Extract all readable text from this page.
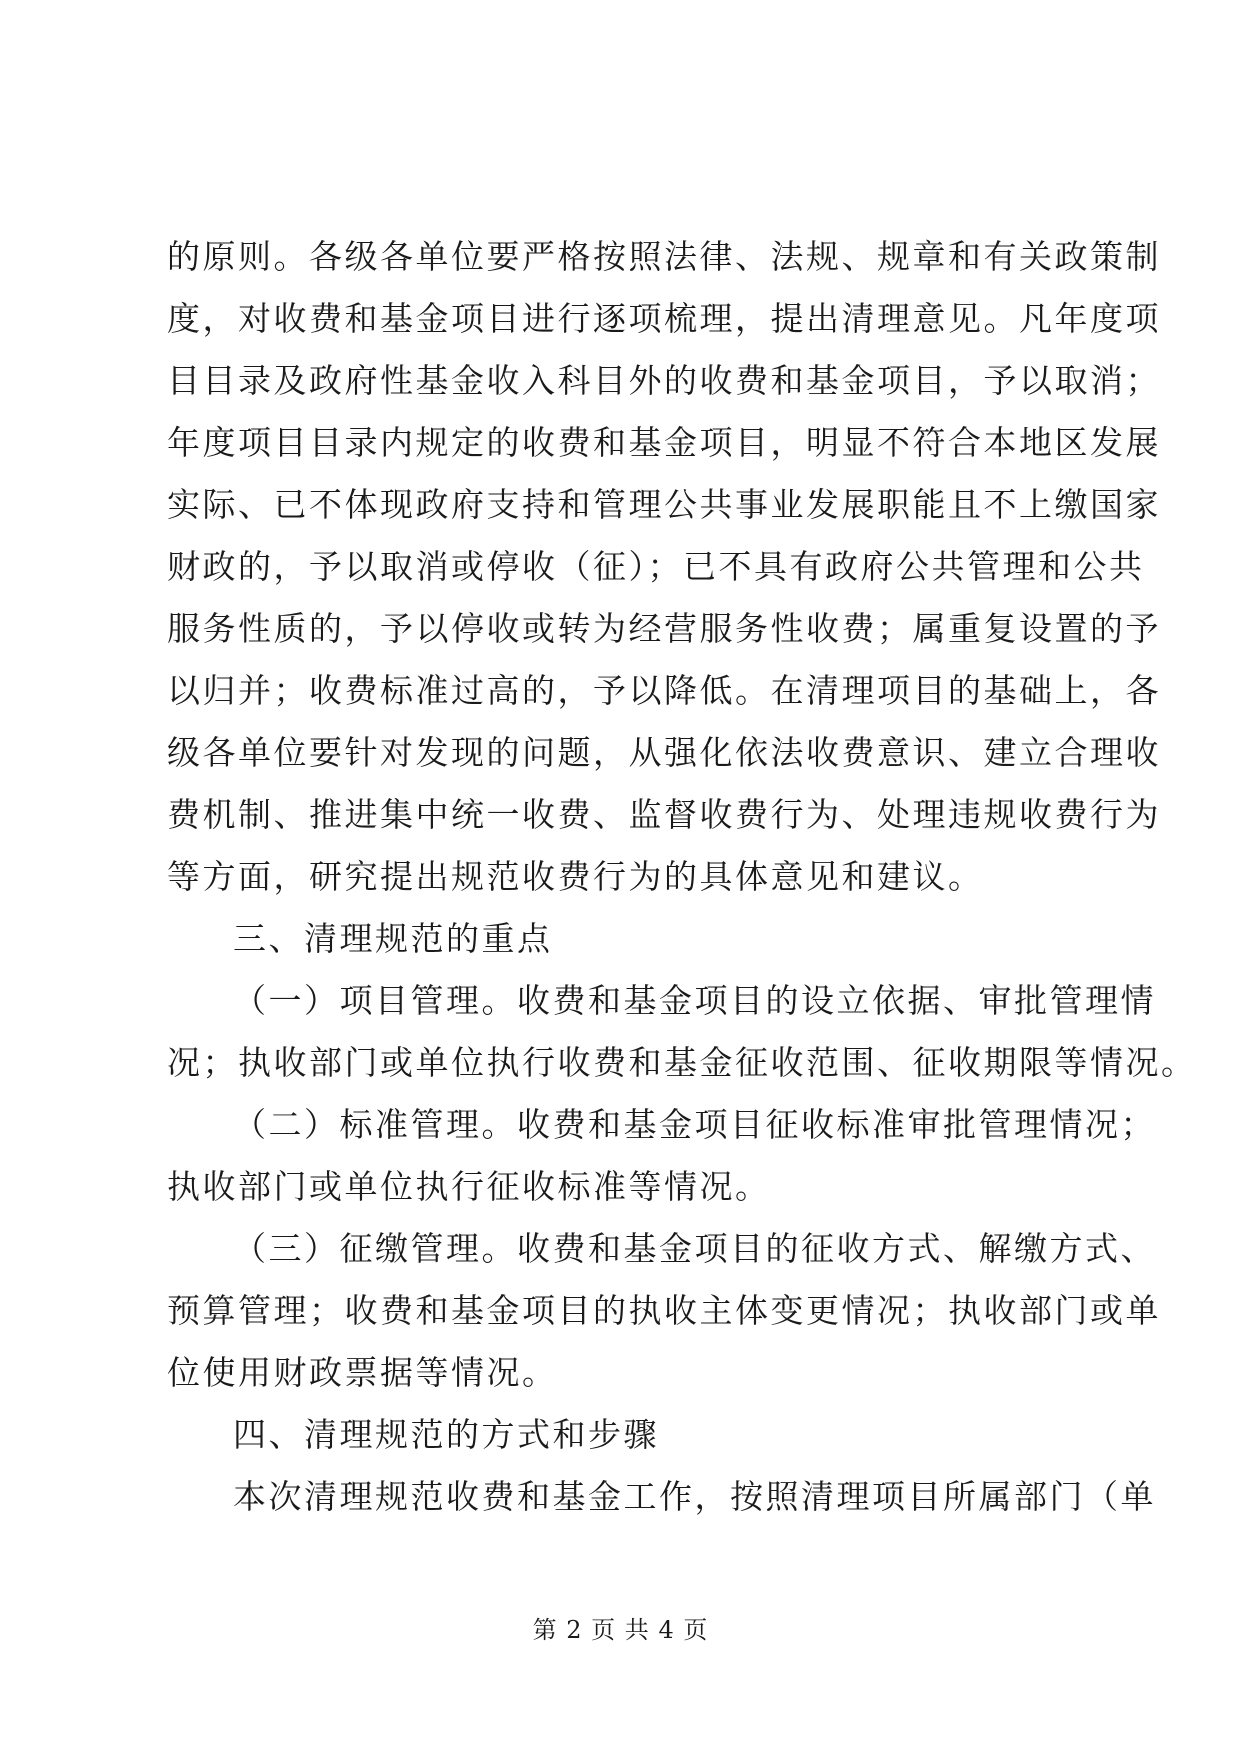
的原则。各级各单位要严格按照法律、法规、规章和有关政策制
度，对收费和基金项目进行逐项梳理，提出清理意见。凡年度项
目目录及政府性基金收入科目外的收费和基金项目，予以取消；
年度项目目录内规定的收费和基金项目，明显不符合本地区发展
实际、已不体现政府支持和管理公共事业发展职能且不上缴国家
财政的，予以取消或停收（征）；已不具有政府公共管理和公共
服务性质的，予以停收或转为经营服务性收费；属重复设置的予
以归并；收费标准过高的，予以降低。在清理项目的基础上，各
级各单位要针对发现的问题，从强化依法收费意识、建立合理收
费机制、推进集中统一收费、监督收费行为、处理违规收费行为
等方面，研究提出规范收费行为的具体意见和建议。
三、清理规范的重点
（一）项目管理。收费和基金项目的设立依据、审批管理情
况；执收部门或单位执行收费和基金征收范围、征收期限等情况。
（二）标准管理。收费和基金项目征收标准审批管理情况；
执收部门或单位执行征收标准等情况。
（三）征缴管理。收费和基金项目的征收方式、解缴方式、
预算管理；收费和基金项目的执收主体变更情况；执收部门或单
位使用财政票据等情况。
四、清理规范的方式和步骤
本次清理规范收费和基金工作，按照清理项目所属部门（单
第 2 页 共 4 页
